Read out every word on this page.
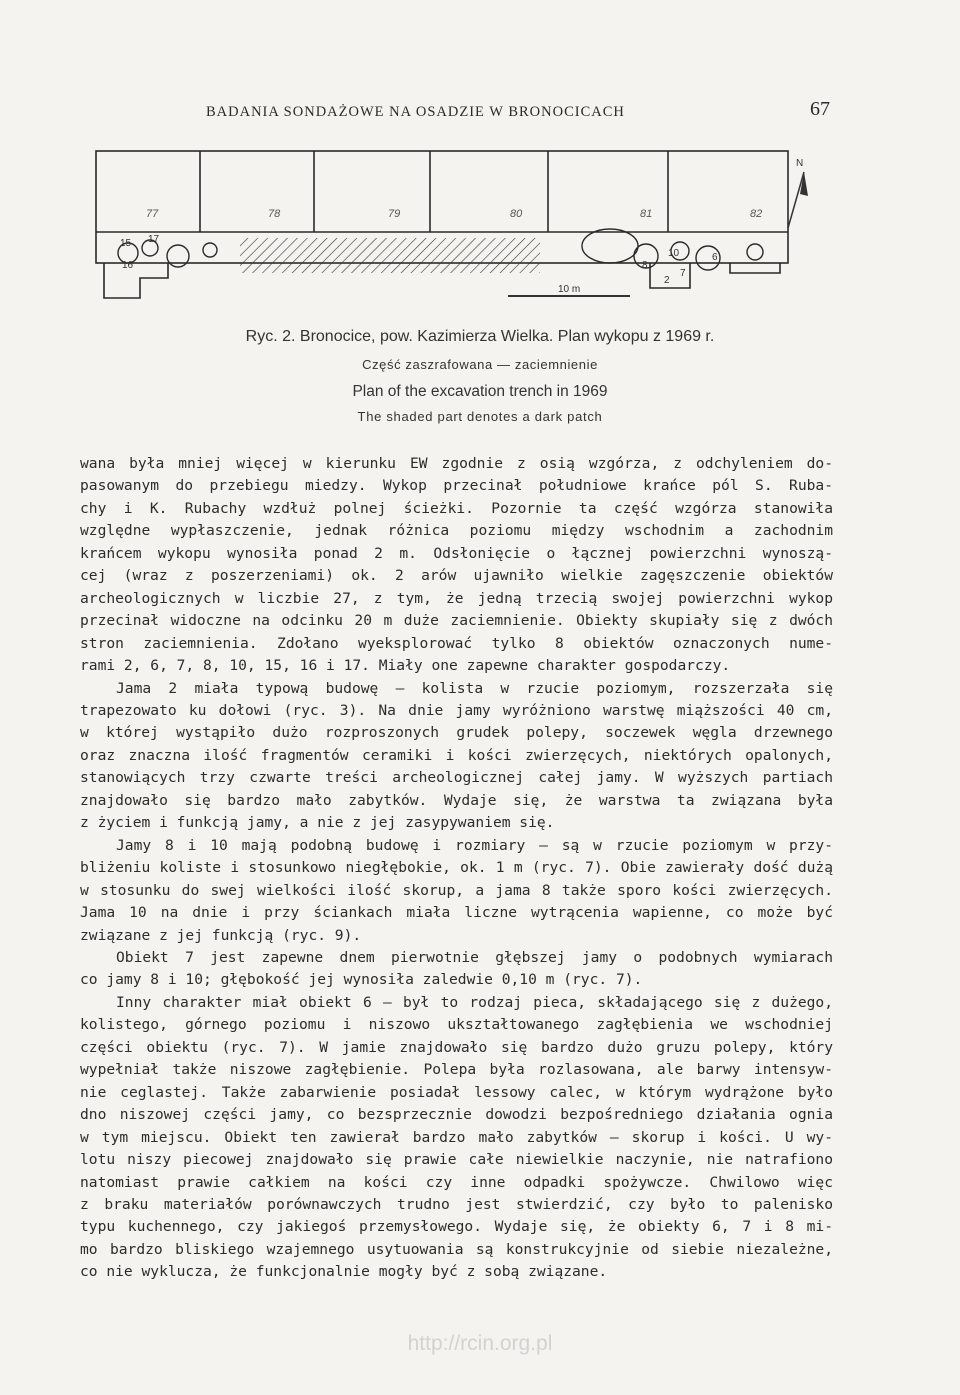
BADANIA SONDAŻOWE NA OSADZIE W BRONOCICACH	67
77	78	79	80	81	82
15 17
16
10
8
7
6
2
N
10 m
Ryc. 2. Bronocice, pow. Kazimierza Wielka. Plan wykopu z 1969 r.
Część zaszrafowana — zaciemnienie
Plan of the excavation trench in 1969
The shaded part denotes a dark patch
wana była mniej więcej w kierunku EW zgodnie z osią wzgórza, z odchyleniem do-
pasowanym do przebiegu miedzy. Wykop przecinał południowe krańce pól S. Ruba-
chy i K. Rubachy wzdłuż polnej ścieżki. Pozornie ta część wzgórza stanowiła
względne wypłaszczenie, jednak różnica poziomu między wschodnim a zachodnim
krańcem wykopu wynosiła ponad 2 m. Odsłonięcie o łącznej powierzchni wynoszą-
cej (wraz z poszerzeniami) ok. 2 arów ujawniło wielkie zagęszczenie obiektów
archeologicznych w liczbie 27, z tym, że jedną trzecią swojej powierzchni wykop
przecinał widoczne na odcinku 20 m duże zaciemnienie. Obiekty skupiały się z dwóch
stron zaciemnienia. Zdołano wyeksplorować tylko 8 obiektów oznaczonych nume-
rami 2, 6, 7, 8, 10, 15, 16 i 17. Miały one zapewne charakter gospodarczy.
Jama 2 miała typową budowę — kolista w rzucie poziomym, rozszerzała się
trapezowato ku dołowi (ryc. 3). Na dnie jamy wyróżniono warstwę miąższości 40 cm,
w której wystąpiło dużo rozproszonych grudek polepy, soczewek węgla drzewnego
oraz znaczna ilość fragmentów ceramiki i kości zwierzęcych, niektórych opalonych,
stanowiących trzy czwarte treści archeologicznej całej jamy. W wyższych partiach
znajdowało się bardzo mało zabytków. Wydaje się, że warstwa ta związana była
z życiem i funkcją jamy, a nie z jej zasypywaniem się.
Jamy 8 i 10 mają podobną budowę i rozmiary — są w rzucie poziomym w przy-
bliżeniu koliste i stosunkowo niegłębokie, ok. 1 m (ryc. 7). Obie zawierały dość dużą
w stosunku do swej wielkości ilość skorup, a jama 8 także sporo kości zwierzęcych.
Jama 10 na dnie i przy ściankach miała liczne wytrącenia wapienne, co może być
związane z jej funkcją (ryc. 9).
Obiekt 7 jest zapewne dnem pierwotnie głębszej jamy o podobnych wymiarach
co jamy 8 i 10; głębokość jej wynosiła zaledwie 0,10 m (ryc. 7).
Inny charakter miał obiekt 6 — był to rodzaj pieca, składającego się z dużego,
kolistego, górnego poziomu i niszowo ukształtowanego zagłębienia we wschodniej
części obiektu (ryc. 7). W jamie znajdowało się bardzo dużo gruzu polepy, który
wypełniał także niszowe zagłębienie. Polepa była rozlasowana, ale barwy intensyw-
nie ceglastej. Także zabarwienie posiadał lessowy calec, w którym wydrążone było
dno niszowej części jamy, co bezsprzecznie dowodzi bezpośredniego działania ognia
w tym miejscu. Obiekt ten zawierał bardzo mało zabytków — skorup i kości. U wy-
lotu niszy piecowej znajdowało się prawie całe niewielkie naczynie, nie natrafiono
natomiast prawie całkiem na kości czy inne odpadki spożywcze. Chwilowo więc
z braku materiałów porównawczych trudno jest stwierdzić, czy było to palenisko
typu kuchennego, czy jakiegoś przemysłowego. Wydaje się, że obiekty 6, 7 i 8 mi-
mo bardzo bliskiego wzajemnego usytuowania są konstrukcyjnie od siebie niezależne,
co nie wyklucza, że funkcjonalnie mogły być z sobą związane.
http://rcin.org.pl
